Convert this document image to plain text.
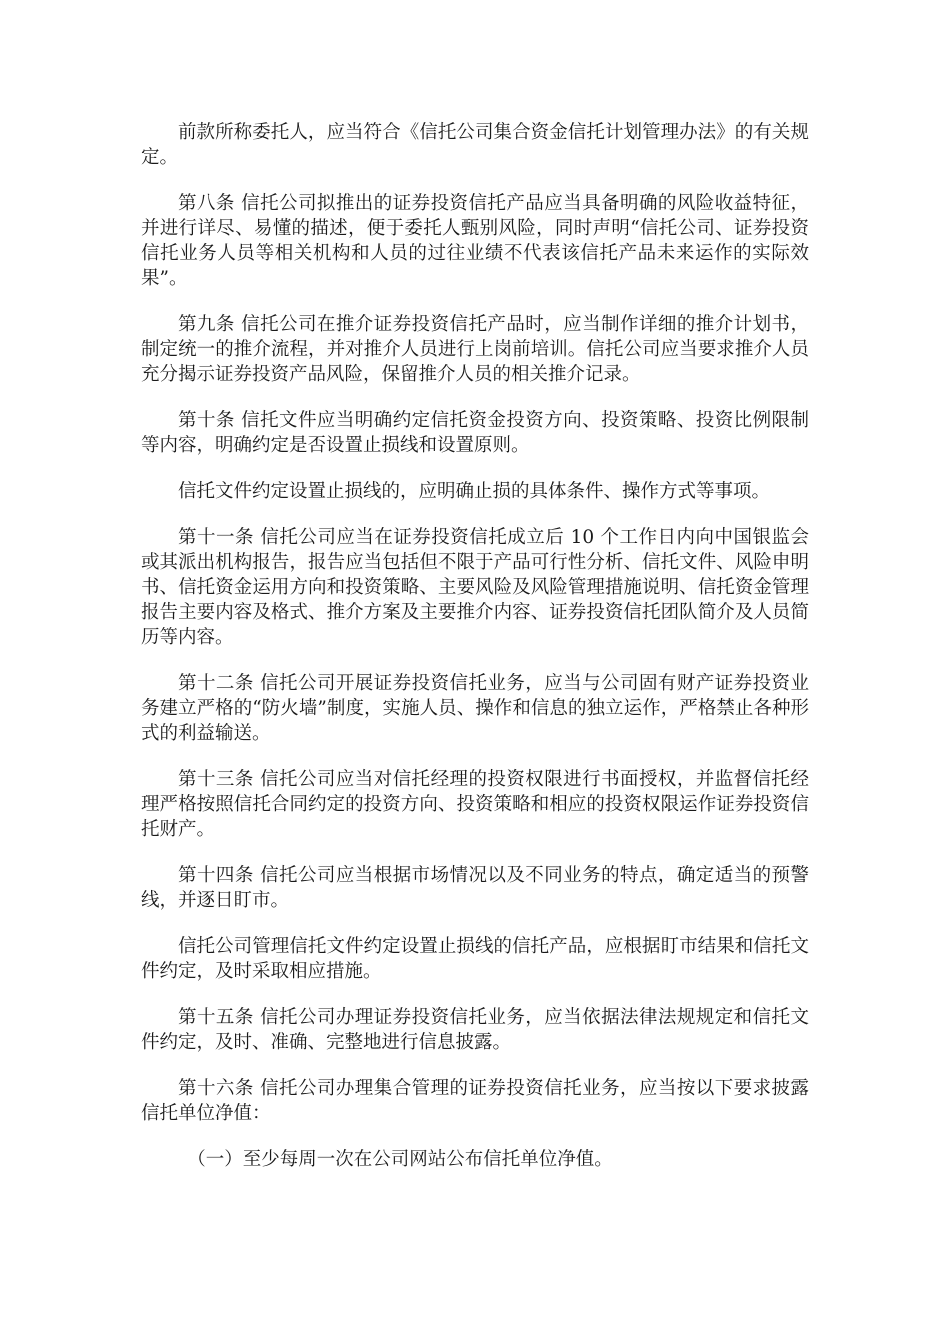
前款所称委托人，应当符合《信托公司集合资金信托计划管理办法》的有关规定。

第八条 信托公司拟推出的证券投资信托产品应当具备明确的风险收益特征，并进行详尽、易懂的描述，便于委托人甄别风险，同时声明“信托公司、证券投资信托业务人员等相关机构和人员的过往业绩不代表该信托产品未来运作的实际效果”。

第九条 信托公司在推介证券投资信托产品时，应当制作详细的推介计划书，制定统一的推介流程，并对推介人员进行上岗前培训。信托公司应当要求推介人员充分揭示证券投资产品风险，保留推介人员的相关推介记录。

第十条 信托文件应当明确约定信托资金投资方向、投资策略、投资比例限制等内容，明确约定是否设置止损线和设置原则。

信托文件约定设置止损线的，应明确止损的具体条件、操作方式等事项。

第十一条 信托公司应当在证券投资信托成立后 10 个工作日内向中国银监会或其派出机构报告，报告应当包括但不限于产品可行性分析、信托文件、风险申明书、信托资金运用方向和投资策略、主要风险及风险管理措施说明、信托资金管理报告主要内容及格式、推介方案及主要推介内容、证券投资信托团队简介及人员简历等内容。

第十二条 信托公司开展证券投资信托业务，应当与公司固有财产证券投资业务建立严格的“防火墙”制度，实施人员、操作和信息的独立运作，严格禁止各种形式的利益输送。

第十三条 信托公司应当对信托经理的投资权限进行书面授权，并监督信托经理严格按照信托合同约定的投资方向、投资策略和相应的投资权限运作证券投资信托财产。

第十四条 信托公司应当根据市场情况以及不同业务的特点，确定适当的预警线，并逐日盯市。

信托公司管理信托文件约定设置止损线的信托产品，应根据盯市结果和信托文件约定，及时采取相应措施。

第十五条 信托公司办理证券投资信托业务，应当依据法律法规规定和信托文件约定，及时、准确、完整地进行信息披露。

第十六条 信托公司办理集合管理的证券投资信托业务，应当按以下要求披露信托单位净值：

（一）至少每周一次在公司网站公布信托单位净值。
